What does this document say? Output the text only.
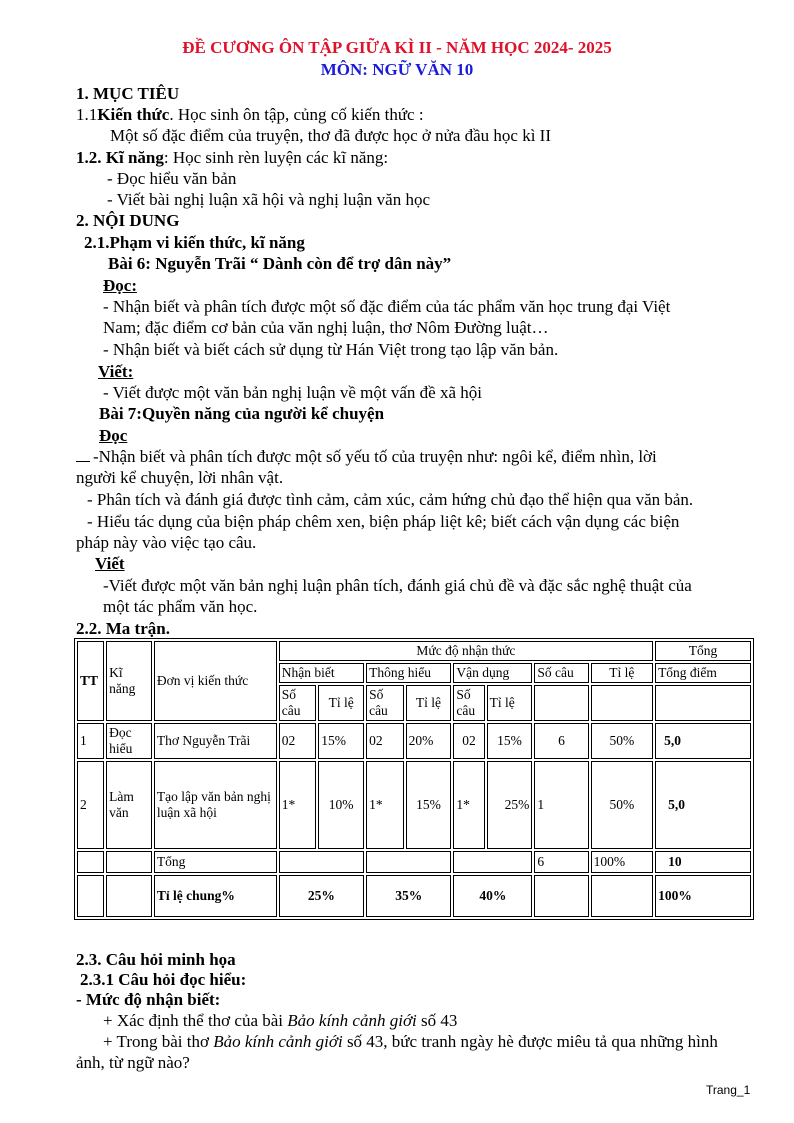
ĐỀ CƯƠNG ÔN TẬP GIỮA KÌ II - NĂM HỌC 2024- 2025
MÔN: NGỮ VĂN 10
1. MỤC TIÊU
1.1Kiến thức. Học sinh ôn tập, củng cố kiến thức :
Một số đặc điểm của truyện, thơ đã được học ở nửa đầu học kì II
1.2. Kĩ năng: Học sinh rèn luyện các kĩ năng:
- Đọc hiểu văn bản
- Viết bài nghị luận xã hội và nghị luận văn học
2. NỘI DUNG
2.1.Phạm vi kiến thức, kĩ năng
Bài 6: Nguyễn Trãi “ Dành còn để trợ dân này”
Đọc:
- Nhận biết và phân tích được một số đặc điểm của tác phẩm văn học trung đại Việt
Nam; đặc điểm cơ bản của văn nghị luận, thơ Nôm Đường luật…
- Nhận biết và biết cách sử dụng từ Hán Việt trong tạo lập văn bản.
Viết:
- Viết được một văn bản nghị luận về một vấn đề xã hội
Bài 7:Quyền năng của người kể chuyện
Đọc
-Nhận biết và phân tích được một số yếu tố của truyện như: ngôi kể, điểm nhìn, lời
người kể chuyện, lời nhân vật.
- Phân tích và đánh giá được tình cảm, cảm xúc, cảm hứng chủ đạo thể hiện qua văn bản.
- Hiểu tác dụng của biện pháp chêm xen, biện pháp liệt kê; biết cách vận dụng các biện
pháp này vào việc tạo câu.
Viết
-Viết được một văn bản nghị luận phân tích, đánh giá chủ đề và đặc sắc nghệ thuật của
một tác phẩm văn học.
2.2. Ma trận.
TT	Kĩ năng	Đơn vị kiến thức	Mức độ nhận thức								Tổng
			Nhận biết		Thông hiểu		Vận dụng		Số câu	Tỉ lệ	Tổng điểm
			Số câu	Tỉ lệ	Số câu	Tỉ lệ	Số câu	Tỉ lệ			
1	Đọc hiểu	Thơ Nguyễn Trãi	02	15%	02	20%	02	15%	6	50%	5,0
2	Làm văn	Tạo lập văn bản nghị luận xã hội	1*	10%	1*	15%	1*	25%	1	50%	5,0
		Tổng							6	100%	10
		Tỉ lệ chung%	25%		35%		40%				100%
2.3. Câu hỏi minh họa
2.3.1 Câu hỏi đọc hiểu:
- Mức độ nhận biết:
+ Xác định thể thơ của bài Bảo kính cảnh giới số 43
+ Trong bài thơ Bảo kính cảnh giới số 43, bức tranh ngày hè được miêu tả qua những hình
ảnh, từ ngữ nào?
Trang_1
